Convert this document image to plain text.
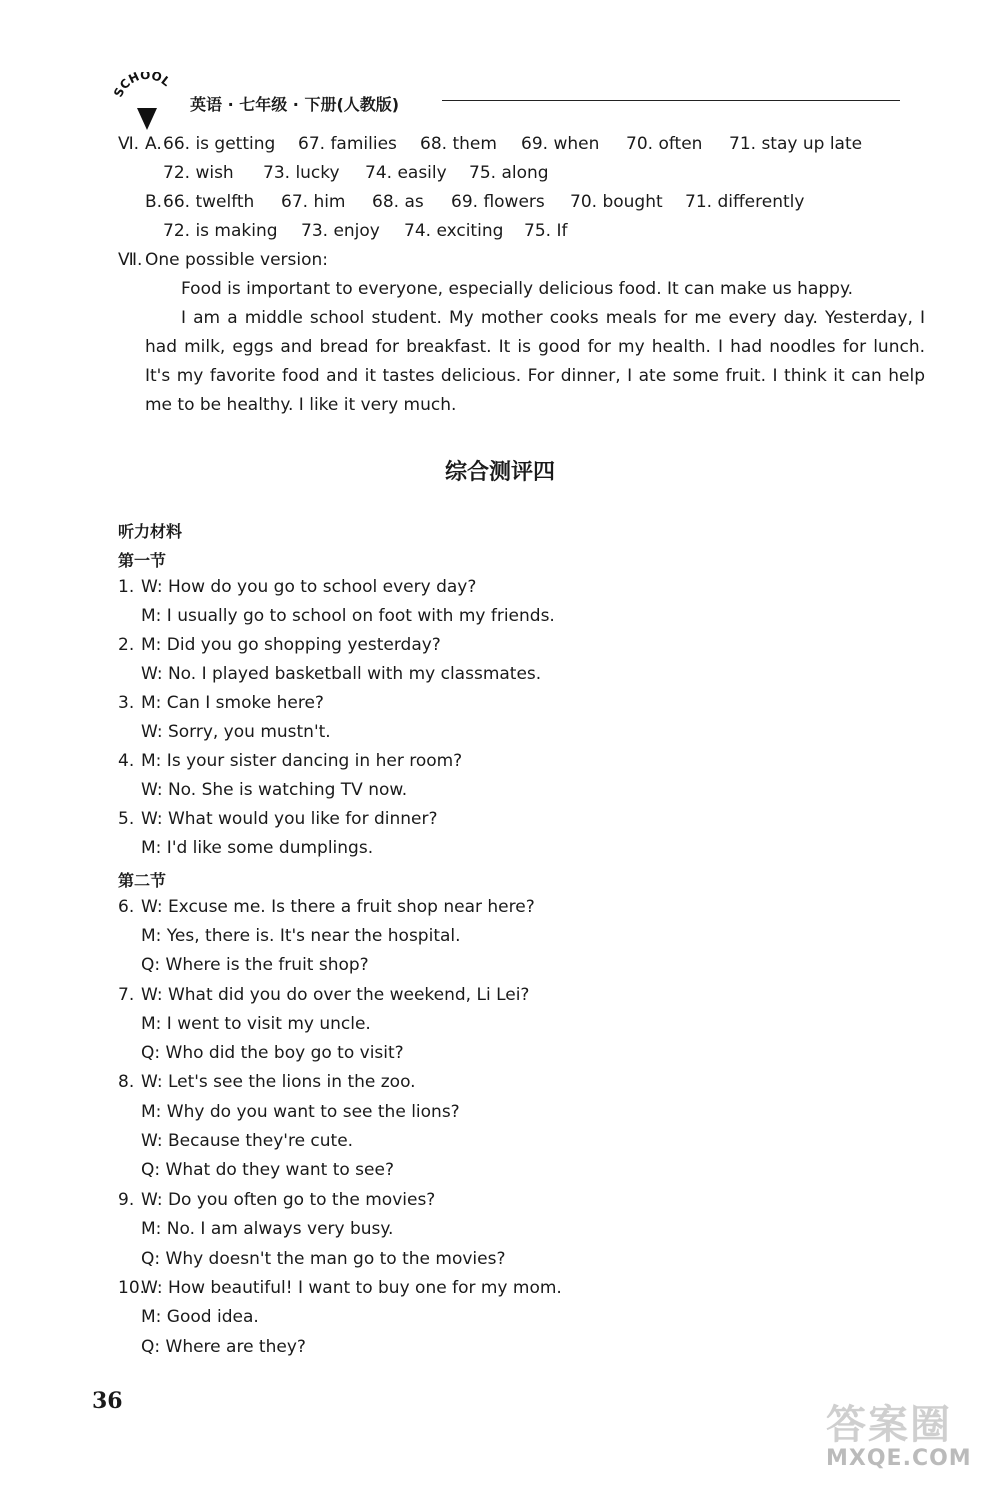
SCHOOL
英语 · 七年级 · 下册(人教版)
Ⅵ. A. 66. is getting 67. families 68. them 69. when 70. often 71. stay up late
72. wish 73. lucky 74. easily 75. along
B. 66. twelfth 67. him 68. as 69. flowers 70. bought 71. differently
72. is making 73. enjoy 74. exciting 75. If
Ⅶ. One possible version:
Food is important to everyone, especially delicious food. It can make us happy.
I am a middle school student. My mother cooks meals for me every day. Yesterday, I had milk, eggs and bread for breakfast. It is good for my health. I had noodles for lunch. It's my favorite food and it tastes delicious. For dinner, I ate some fruit. I think it can help me to be healthy. I like it very much.
综合测评四
听力材料
第一节
1. W: How do you go to school every day?
M: I usually go to school on foot with my friends.
2. M: Did you go shopping yesterday?
W: No. I played basketball with my classmates.
3. M: Can I smoke here?
W: Sorry, you mustn't.
4. M: Is your sister dancing in her room?
W: No. She is watching TV now.
5. W: What would you like for dinner?
M: I'd like some dumplings.
第二节
6. W: Excuse me. Is there a fruit shop near here?
M: Yes, there is. It's near the hospital.
Q: Where is the fruit shop?
7. W: What did you do over the weekend, Li Lei?
M: I went to visit my uncle.
Q: Who did the boy go to visit?
8. W: Let's see the lions in the zoo.
M: Why do you want to see the lions?
W: Because they're cute.
Q: What do they want to see?
9. W: Do you often go to the movies?
M: No. I am always very busy.
Q: Why doesn't the man go to the movies?
10.
W: How beautiful! I want to buy one for my mom.
M: Good idea.
Q: Where are they?
36
答案圈
MXQE.COM
